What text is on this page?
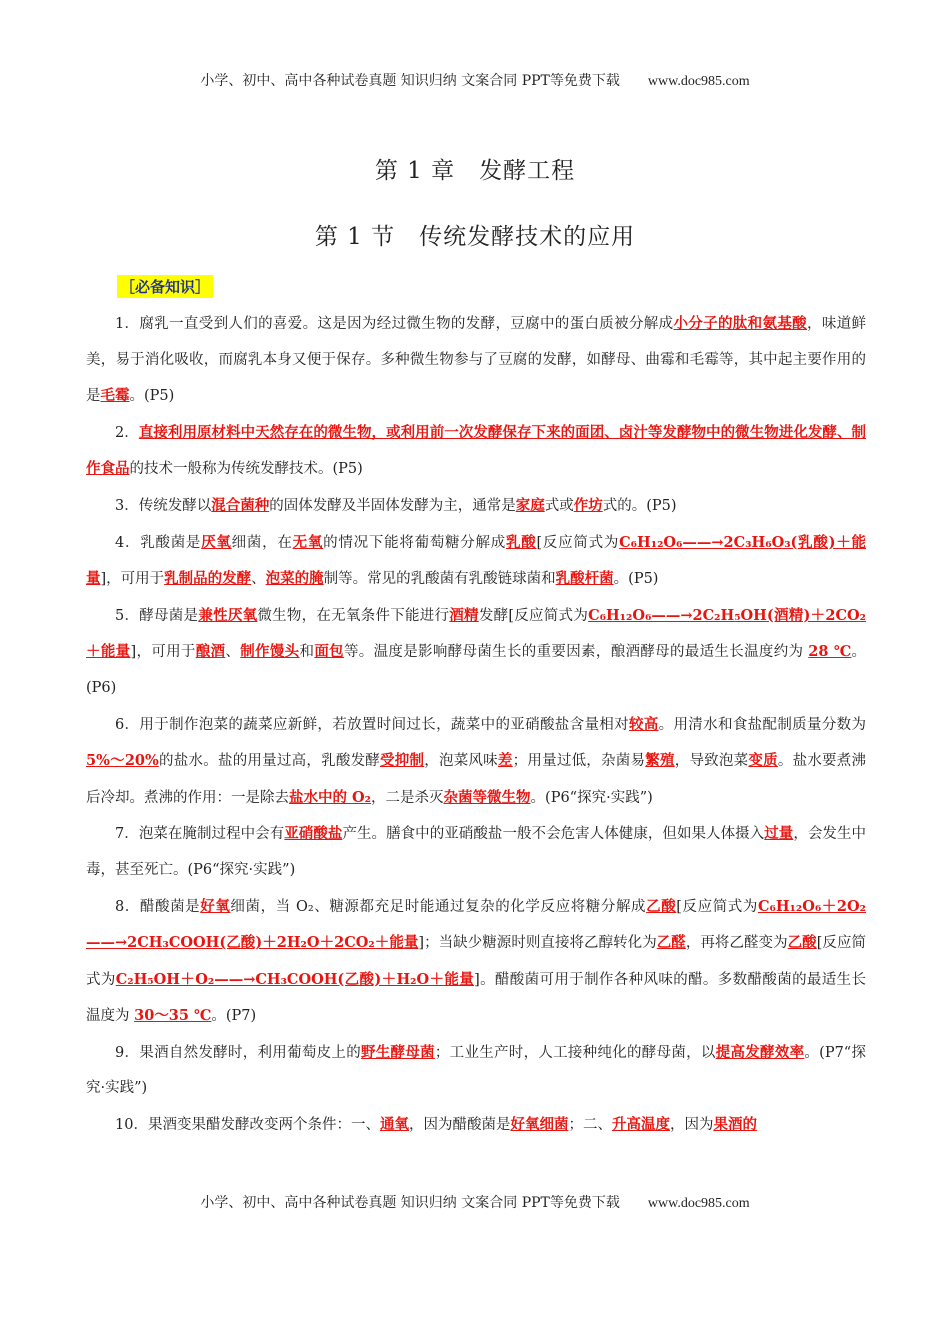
小学、初中、高中各种试卷真题 知识归纳 文案合同 PPT等免费下载 www.doc985.com
第 1 章　发酵工程
第 1 节　传统发酵技术的应用
［必备知识］
1．腐乳一直受到人们的喜爱。这是因为经过微生物的发酵，豆腐中的蛋白质被分解成小分子的肽和氨基酸，味道鲜美，易于消化吸收，而腐乳本身又便于保存。多种微生物参与了豆腐的发酵，如酵母、曲霉和毛霉等，其中起主要作用的是毛霉。(P5)
2．直接利用原材料中天然存在的微生物，或利用前一次发酵保存下来的面团、卤汁等发酵物中的微生物进化发酵、制作食品的技术一般称为传统发酵技术。(P5)
3．传统发酵以混合菌种的固体发酵及半固体发酵为主，通常是家庭式或作坊式的。(P5)
4．乳酸菌是厌氧细菌，在无氧的情况下能将葡萄糖分解成乳酸[反应简式为C₆H₁₂O₆——→2C₃H₆O₃(乳酸)＋能量]，可用于乳制品的发酵、泡菜的腌制等。常见的乳酸菌有乳酸链球菌和乳酸杆菌。(P5)
5．酵母菌是兼性厌氧微生物，在无氧条件下能进行酒精发酵[反应简式为C₆H₁₂O₆——→2C₂H₅OH(酒精)＋2CO₂＋能量]，可用于酿酒、制作馒头和面包等。温度是影响酵母菌生长的重要因素，酿酒酵母的最适生长温度约为 28 ℃。(P6)
6．用于制作泡菜的蔬菜应新鲜，若放置时间过长，蔬菜中的亚硝酸盐含量相对较高。用清水和食盐配制质量分数为 5%～20%的盐水。盐的用量过高，乳酸发酵受抑制，泡菜风味差；用量过低，杂菌易繁殖，导致泡菜变质。盐水要煮沸后冷却。煮沸的作用：一是除去盐水中的 O₂，二是杀灭杂菌等微生物。(P6“探究·实践”)
7．泡菜在腌制过程中会有亚硝酸盐产生。膳食中的亚硝酸盐一般不会危害人体健康，但如果人体摄入过量，会发生中毒，甚至死亡。(P6“探究·实践”)
8．醋酸菌是好氧细菌，当 O₂、糖源都充足时能通过复杂的化学反应将糖分解成乙酸[反应简式为C₆H₁₂O₆＋2O₂——→2CH₃COOH(乙酸)＋2H₂O＋2CO₂＋能量]；当缺少糖源时则直接将乙醇转化为乙醛，再将乙醛变为乙酸[反应简式为C₂H₅OH＋O₂——→CH₃COOH(乙酸)＋H₂O＋能量]。醋酸菌可用于制作各种风味的醋。多数醋酸菌的最适生长温度为 30～35 ℃。(P7)
9．果酒自然发酵时，利用葡萄皮上的野生酵母菌；工业生产时，人工接种纯化的酵母菌，以提高发酵效率。(P7“探究·实践”)
10．果酒变果醋发酵改变两个条件：一、通氧，因为醋酸菌是好氧细菌；二、升高温度，因为果酒的
小学、初中、高中各种试卷真题 知识归纳 文案合同 PPT等免费下载 www.doc985.com
